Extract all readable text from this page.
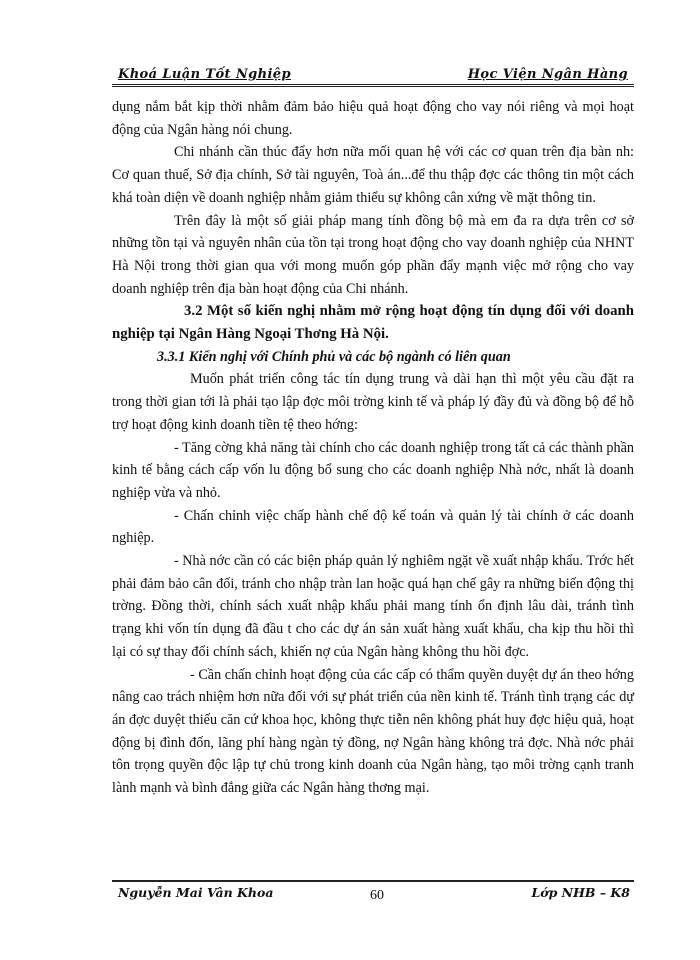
Khoá Luận Tốt Nghiệp	Học Viện Ngân Hàng

dụng nắm bắt kịp thời nhằm đảm bảo hiệu quả hoạt động cho vay nói riêng và mọi hoạt động của Ngân hàng nói chung.

Chi nhánh cần thúc đẩy hơn nữa mối quan hệ với các cơ quan trên địa bàn nh: Cơ quan thuế, Sở địa chính, Sở tài nguyên, Toà án...để thu thập đợc các thông tin một cách khá toàn diện về doanh nghiệp nhằm giảm thiểu sự không cân xứng về mặt thông tin.

Trên đây là một số giải pháp mang tính đồng bộ mà em đa ra dựa trên cơ sở những tồn tại và nguyên nhân của tồn tại trong hoạt động cho vay doanh nghiệp của NHNT Hà Nội trong thời gian qua với mong muốn góp phần đẩy mạnh việc mở rộng cho vay doanh nghiệp trên địa bàn hoạt động của Chi nhánh.

3.2 Một số kiến nghị nhằm mở rộng hoạt động tín dụng đối với doanh nghiệp tại Ngân Hàng Ngoại Thơng Hà Nội.

3.3.1 Kiến nghị với Chính phủ và các bộ ngành có liên quan

Muốn phát triển công tác tín dụng trung và dài hạn thì một yêu cầu đặt ra trong thời gian tới là phải tạo lập đợc môi trờng kinh tế và pháp lý đầy đủ và đồng bộ để hỗ trợ hoạt động kinh doanh tiền tệ theo hớng:

- Tăng cờng khả năng tài chính cho các doanh nghiệp trong tất cả các thành phần kinh tế bằng cách cấp vốn lu động bổ sung cho các doanh nghiệp Nhà nớc, nhất là doanh nghiệp vừa và nhỏ.

- Chấn chỉnh việc chấp hành chế độ kế toán và quản lý tài chính ở các doanh nghiệp.

- Nhà nớc cần có các biện pháp quản lý nghiêm ngặt về xuất nhập khẩu. Trớc hết phải đảm bảo cân đối, tránh cho nhập tràn lan hoặc quá hạn chế gây ra những biến động thị trờng. Đồng thời, chính sách xuất nhập khẩu phải mang tính ổn định lâu dài, tránh tình trạng khi vốn tín dụng đã đầu t cho các dự án sản xuất hàng xuất khẩu, cha kịp thu hồi thì lại có sự thay đổi chính sách, khiến nợ của Ngân hàng không thu hồi đợc.

- Cần chấn chỉnh hoạt động của các cấp có thẩm quyền duyệt dự án theo hớng nâng cao trách nhiệm hơn nữa đối với sự phát triển của nền kinh tế. Tránh tình trạng các dự án đợc duyệt thiếu căn cứ khoa học, không thực tiễn nên không phát huy đợc hiệu quả, hoạt động bị đình đốn, lãng phí hàng ngàn tỷ đồng, nợ Ngân hàng không trả đợc. Nhà nớc phải tôn trọng quyền độc lập tự chủ trong kinh doanh của Ngân hàng, tạo môi trờng cạnh tranh lành mạnh và bình đẳng giữa các Ngân hàng thơng mại.

Nguyễn Mai Vân Khoa	60	Lớp NHB – K8
